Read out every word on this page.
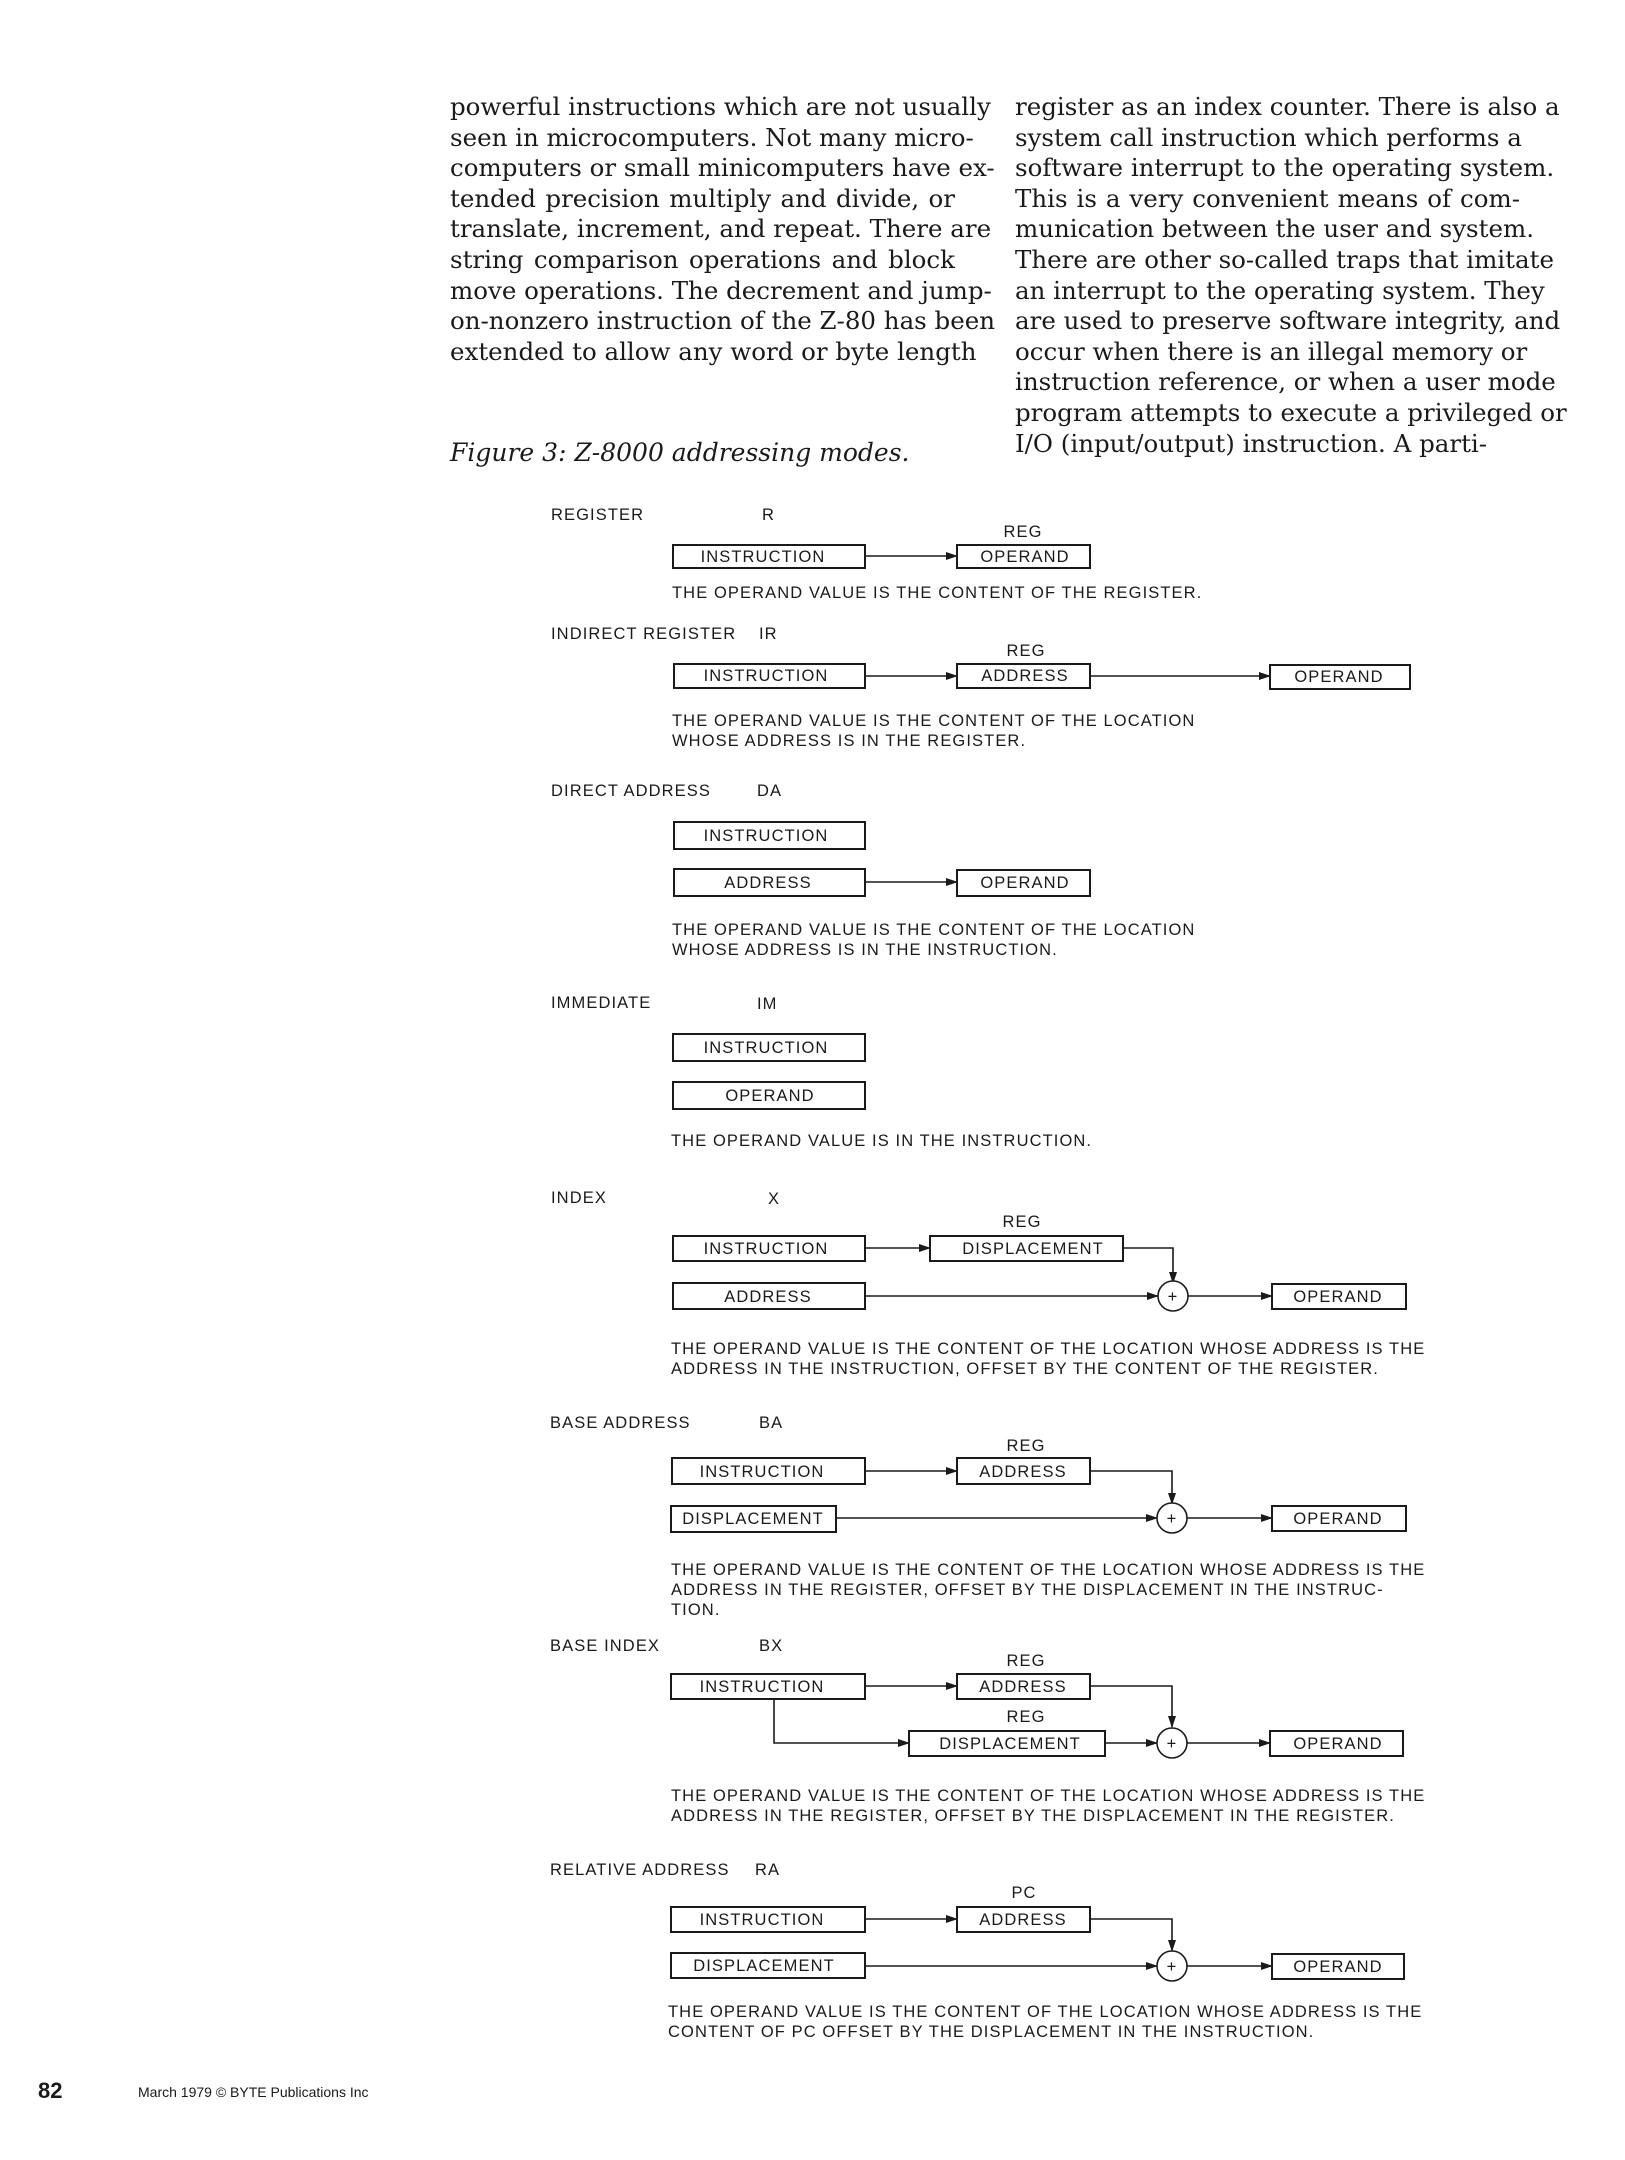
powerful instructions which are not usually
seen in microcomputers. Not many micro-
computers or small minicomputers have ex-
tended precision multiply and divide, or
translate, increment, and repeat. There are
string comparison operations and block
move operations. The decrement and jump-
on-nonzero instruction of the Z-80 has been
extended to allow any word or byte length
register as an index counter. There is also a
system call instruction which performs a
software interrupt to the operating system.
This is a very convenient means of com-
munication between the user and system.
There are other so-called traps that imitate
an interrupt to the operating system. They
are used to preserve software integrity, and
occur when there is an illegal memory or
instruction reference, or when a user mode
program attempts to execute a privileged or
I/O (input/output) instruction. A parti-
Figure 3: Z-8000 addressing modes.
REGISTER	R
REG
INSTRUCTION	OPERAND
THE OPERAND VALUE IS THE CONTENT OF THE REGISTER.
INDIRECT REGISTER IR
REG
INSTRUCTION	ADDRESS	OPERAND
THE OPERAND VALUE IS THE CONTENT OF THE LOCATION
WHOSE ADDRESS IS IN THE REGISTER.
DIRECT ADDRESS	DA
INSTRUCTION
ADDRESS	OPERAND
THE OPERAND VALUE IS THE CONTENT OF THE LOCATION
WHOSE ADDRESS IS IN THE INSTRUCTION.
IMMEDIATE	IM
INSTRUCTION
OPERAND
THE OPERAND VALUE IS IN THE INSTRUCTION.
INDEX	X
REG
INSTRUCTION	DISPLACEMENT
ADDRESS	+	OPERAND
THE OPERAND VALUE IS THE CONTENT OF THE LOCATION WHOSE ADDRESS IS THE
ADDRESS IN THE INSTRUCTION, OFFSET BY THE CONTENT OF THE REGISTER.
BASE ADDRESS	BA
REG
INSTRUCTION	ADDRESS
DISPLACEMENT	+	OPERAND
THE OPERAND VALUE IS THE CONTENT OF THE LOCATION WHOSE ADDRESS IS THE
ADDRESS IN THE REGISTER, OFFSET BY THE DISPLACEMENT IN THE INSTRUC-
TION.
BASE INDEX	BX
REG
INSTRUCTION	ADDRESS
REG
DISPLACEMENT	+	OPERAND
THE OPERAND VALUE IS THE CONTENT OF THE LOCATION WHOSE ADDRESS IS THE
ADDRESS IN THE REGISTER, OFFSET BY THE DISPLACEMENT IN THE REGISTER.
RELATIVE ADDRESS RA
PC
INSTRUCTION	ADDRESS
DISPLACEMENT	+	OPERAND
THE OPERAND VALUE IS THE CONTENT OF THE LOCATION WHOSE ADDRESS IS THE
CONTENT OF PC OFFSET BY THE DISPLACEMENT IN THE INSTRUCTION.
82	March 1979 © BYTE Publications Inc
